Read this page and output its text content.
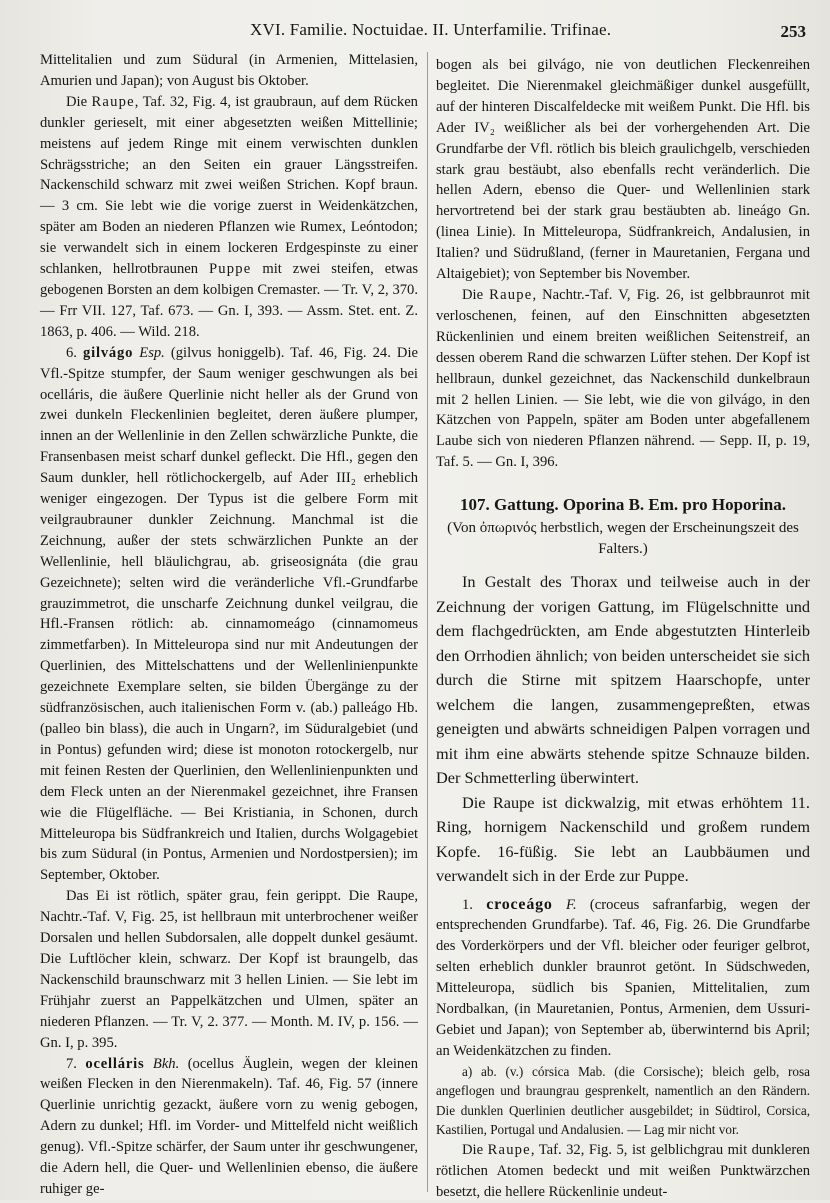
XVI. Familie. Noctuidae. II. Unterfamilie. Trifinae.	253

Mittelitalien und zum Südural (in Armenien, Mittelasien, Amurien und Japan); von August bis Oktober.

Die Raupe, Taf. 32, Fig. 4, ist graubraun, auf dem Rücken dunkler gerieselt, mit einer abgesetzten weißen Mittellinie; meistens auf jedem Ringe mit einem verwischten dunklen Schrägsstriche; an den Seiten ein grauer Längsstreifen. Nackenschild schwarz mit zwei weißen Strichen. Kopf braun. — 3 cm. Sie lebt wie die vorige zuerst in Weidenkätzchen, später am Boden an niederen Pflanzen wie Rumex, Leóntodon; sie verwandelt sich in einem lockeren Erdgespinste zu einer schlanken, hellrotbraunen Puppe mit zwei steifen, etwas gebogenen Borsten an dem kolbigen Cremaster. — Tr. V, 2, 370. — Frr VII. 127, Taf. 673. — Gn. I, 393. — Assm. Stet. ent. Z. 1863, p. 406. — Wild. 218.

6. gilvágo Esp. (gilvus honiggelb). Taf. 46, Fig. 24. Die Vfl.-Spitze stumpfer, der Saum weniger geschwungen als bei ocelláris, die äußere Querlinie nicht heller als der Grund von zwei dunkeln Fleckenlinien begleitet, deren äußere plumper, innen an der Wellenlinie in den Zellen schwärzliche Punkte, die Fransenbasen meist scharf dunkel gefleckt. Die Hfl., gegen den Saum dunkler, hell rötlichockergelb, auf Ader III₂ erheblich weniger eingezogen. Der Typus ist die gelbere Form mit veilgraubrauner dunkler Zeichnung. Manchmal ist die Zeichnung, außer der stets schwärzlichen Punkte an der Wellenlinie, hell bläulichgrau, ab. griseosignáta (die grau Gezeichnete); selten wird die veränderliche Vfl.-Grundfarbe grauzimmetrot, die unscharfe Zeichnung dunkel veilgrau, die Hfl.-Fransen rötlich: ab. cinnamomeágo (cinnamomeus zimmetfarben). In Mitteleuropa sind nur mit Andeutungen der Querlinien, des Mittelschattens und der Wellenlinienpunkte gezeichnete Exemplare selten, sie bilden Übergänge zu der südfranzösischen, auch italienischen Form v. (ab.) palleágo Hb. (palleo bin blass), die auch in Ungarn?, im Süduralgebiet (und in Pontus) gefunden wird; diese ist monoton rotockergelb, nur mit feinen Resten der Querlinien, den Wellenlinienpunkten und dem Fleck unten an der Nierenmakel gezeichnet, ihre Fransen wie die Flügelfläche. — Bei Kristiania, in Schonen, durch Mitteleuropa bis Südfrankreich und Italien, durchs Wolgagebiet bis zum Südural (in Pontus, Armenien und Nordostpersien); im September, Oktober.

Das Ei ist rötlich, später grau, fein gerippt. Die Raupe, Nachtr.-Taf. V, Fig. 25, ist hellbraun mit unterbrochener weißer Dorsalen und hellen Subdorsalen, alle doppelt dunkel gesäumt. Die Luftlöcher klein, schwarz. Der Kopf ist braungelb, das Nackenschild braunschwarz mit 3 hellen Linien. — Sie lebt im Frühjahr zuerst an Pappelkätzchen und Ulmen, später an niederen Pflanzen. — Tr. V, 2. 377. — Month. M. IV, p. 156. — Gn. I, p. 395.

7. ocelláris Bkh. (ocellus Äuglein, wegen der kleinen weißen Flecken in den Nierenmakeln). Taf. 46, Fig. 57 (innere Querlinie unrichtig gezackt, äußere vorn zu wenig gebogen, Adern zu dunkel; Hfl. im Vorder- und Mittelfeld nicht weißlich genug). Vfl.-Spitze schärfer, der Saum unter ihr geschwungener, die Adern hell, die Quer- und Wellenlinien ebenso, die äußere ruhiger ge-

bogen als bei gilvágo, nie von deutlichen Fleckenreihen begleitet. Die Nierenmakel gleichmäßiger dunkel ausgefüllt, auf der hinteren Discalfeldecke mit weißem Punkt. Die Hfl. bis Ader IV₂ weißlicher als bei der vorhergehenden Art. Die Grundfarbe der Vfl. rötlich bis bleich graulichgelb, verschieden stark grau bestäubt, also ebenfalls recht veränderlich. Die hellen Adern, ebenso die Quer- und Wellenlinien stark hervortretend bei der stark grau bestäubten ab. lineágo Gn. (linea Linie). In Mitteleuropa, Südfrankreich, Andalusien, in Italien? und Südrußland, (ferner in Mauretanien, Fergana und Altaigebiet); von September bis November.

Die Raupe, Nachtr.-Taf. V, Fig. 26, ist gelbbraunrot mit verloschenen, feinen, auf den Einschnitten abgesetzten Rückenlinien und einem breiten weißlichen Seitenstreif, an dessen oberem Rand die schwarzen Lüfter stehen. Der Kopf ist hellbraun, dunkel gezeichnet, das Nackenschild dunkelbraun mit 2 hellen Linien. — Sie lebt, wie die von gilvágo, in den Kätzchen von Pappeln, später am Boden unter abgefallenem Laube sich von niederen Pflanzen nährend. — Sepp. II, p. 19, Taf. 5. — Gn. I, 396.

107. Gattung. Oporina B. Em. pro Hoporina.
(Von ὀπωρινός herbstlich, wegen der Erscheinungszeit des Falters.)

In Gestalt des Thorax und teilweise auch in der Zeichnung der vorigen Gattung, im Flügelschnitte und dem flachgedrückten, am Ende abgestutzten Hinterleib den Orrhodien ähnlich; von beiden unterscheidet sie sich durch die Stirne mit spitzem Haarschopfe, unter welchem die langen, zusammengepreßten, etwas geneigten und abwärts schneidigen Palpen vorragen und mit ihm eine abwärts stehende spitze Schnauze bilden. Der Schmetterling überwintert.

Die Raupe ist dickwalzig, mit etwas erhöhtem 11. Ring, hornigem Nackenschild und großem rundem Kopfe. 16-füßig. Sie lebt an Laubbäumen und verwandelt sich in der Erde zur Puppe.

1. croceágo F. (croceus safranfarbig, wegen der entsprechenden Grundfarbe). Taf. 46, Fig. 26. Die Grundfarbe des Vorderkörpers und der Vfl. bleicher oder feuriger gelbrot, selten erheblich dunkler braunrot getönt. In Südschweden, Mitteleuropa, südlich bis Spanien, Mittelitalien, zum Nordbalkan, (in Mauretanien, Pontus, Armenien, dem Ussuri-Gebiet und Japan); von September ab, überwinternd bis April; an Weidenkätzchen zu finden.

a) ab. (v.) córsica Mab. (die Corsische); bleich gelb, rosa angeflogen und braungrau gesprenkelt, namentlich an den Rändern. Die dunklen Querlinien deutlicher ausgebildet; in Südtirol, Corsica, Kastilien, Portugal und Andalusien. — Lag mir nicht vor.

Die Raupe, Taf. 32, Fig. 5, ist gelblichgrau mit dunkleren rötlichen Atomen bedeckt und mit weißen Punktwärzchen besetzt, die hellere Rückenlinie undeut-
